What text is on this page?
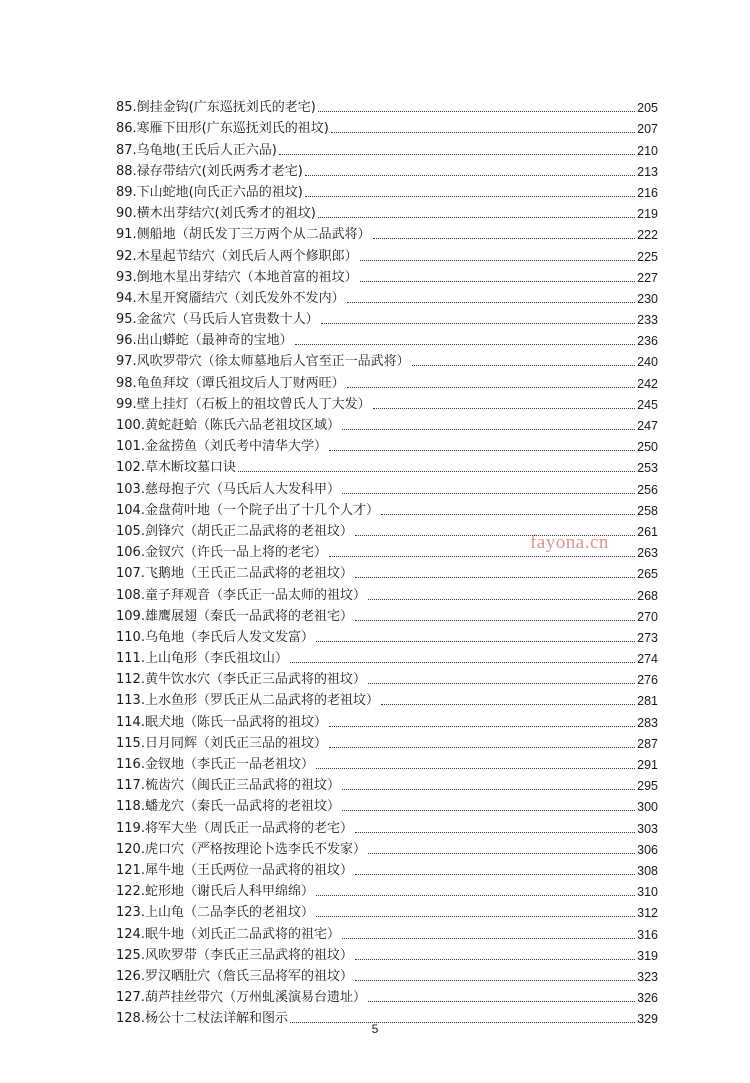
85.倒挂金钩(广东巡抚刘氏的老宅)	205
86.寒雁下田形(广东巡抚刘氏的祖坟)	207
87.乌龟地(王氏后人正六品)	210
88.禄存带结穴(刘氏两秀才老宅)	213
89.下山蛇地(向氏正六品的祖坟)	216
90.横木出芽结穴(刘氏秀才的祖坟)	219
91.侧船地（胡氏发丁三万两个从二品武将）	222
92.木星起节结穴（刘氏后人两个修职郎）	225
93.倒地木星出芽结穴（本地首富的祖坟）	227
94.木星开窝靥结穴（刘氏发外不发内）	230
95.金盆穴（马氏后人官贵数十人）	233
96.出山蟒蛇（最神奇的宝地）	236
97.风吹罗带穴（徐太师墓地后人官至正一品武将）	240
98.龟鱼拜坟（谭氏祖坟后人丁财两旺）	242
99.壁上挂灯（石板上的祖坟曾氏人丁大发）	245
100.黄蛇赶蛤（陈氏六品老祖坟区域）	247
101.金盆捞鱼（刘氏考中清华大学）	250
102.草木断坟墓口诀	253
103.慈母抱子穴（马氏后人大发科甲）	256
104.金盘荷叶地（一个院子出了十几个人才）	258
105.剑锋穴（胡氏正二品武将的老祖坟）	261
106.金钗穴（许氏一品上将的老宅）	263
107.飞鹅地（王氏正二品武将的老祖坟）	265
108.童子拜观音（李氏正一品太师的祖坟）	268
109.雄鹰展翅（秦氏一品武将的老祖宅）	270
110.乌龟地（李氏后人发文发富）	273
111.上山龟形（李氏祖坟山）	274
112.黄牛饮水穴（李氏正三品武将的祖坟）	276
113.上水鱼形（罗氏正从二品武将的老祖坟）	281
114.眠犬地（陈氏一品武将的祖坟）	283
115.日月同辉（刘氏正三品的祖坟）	287
116.金钗地（李氏正一品老祖坟）	291
117.梳齿穴（闽氏正三品武将的祖坟）	295
118.蟠龙穴（秦氏一品武将的老祖坟）	300
119.将军大坐（周氏正一品武将的老宅）	303
120.虎口穴（严格按理论卜选李氏不发家）	306
121.犀牛地（王氏两位一品武将的祖坟）	308
122.蛇形地（谢氏后人科甲绵绵）	310
123.上山龟（二品李氏的老祖坟）	312
124.眠牛地（刘氏正二品武将的祖宅）	316
125.风吹罗带（李氏正三品武将的祖坟）	319
126.罗汉晒肚穴（詹氏三品将军的祖坟）	323
127.葫芦挂丝带穴（万州虬溪演易台遗址）	326
128.杨公十二杖法详解和图示	329
fayona.cn
5
